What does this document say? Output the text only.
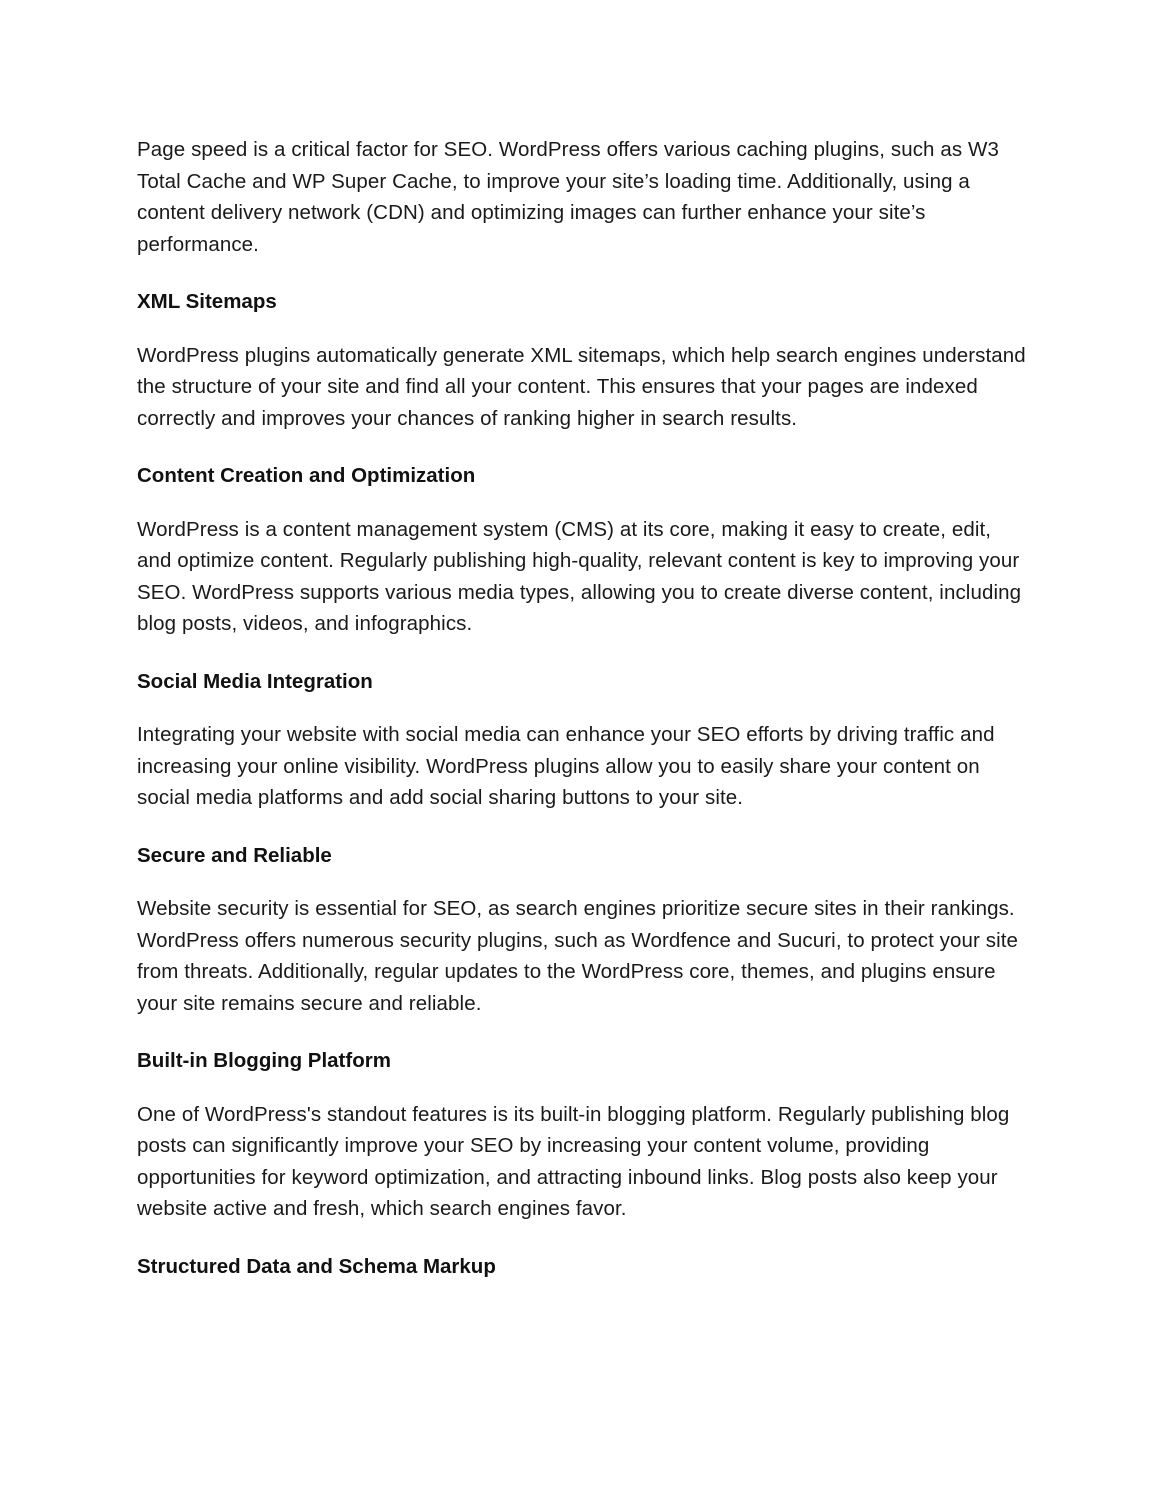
Page speed is a critical factor for SEO. WordPress offers various caching plugins, such as W3 Total Cache and WP Super Cache, to improve your site’s loading time. Additionally, using a content delivery network (CDN) and optimizing images can further enhance your site’s performance.

XML Sitemaps

WordPress plugins automatically generate XML sitemaps, which help search engines understand the structure of your site and find all your content. This ensures that your pages are indexed correctly and improves your chances of ranking higher in search results.

Content Creation and Optimization

WordPress is a content management system (CMS) at its core, making it easy to create, edit, and optimize content. Regularly publishing high-quality, relevant content is key to improving your SEO. WordPress supports various media types, allowing you to create diverse content, including blog posts, videos, and infographics.

Social Media Integration

Integrating your website with social media can enhance your SEO efforts by driving traffic and increasing your online visibility. WordPress plugins allow you to easily share your content on social media platforms and add social sharing buttons to your site.

Secure and Reliable

Website security is essential for SEO, as search engines prioritize secure sites in their rankings. WordPress offers numerous security plugins, such as Wordfence and Sucuri, to protect your site from threats. Additionally, regular updates to the WordPress core, themes, and plugins ensure your site remains secure and reliable.

Built-in Blogging Platform

One of WordPress's standout features is its built-in blogging platform. Regularly publishing blog posts can significantly improve your SEO by increasing your content volume, providing opportunities for keyword optimization, and attracting inbound links. Blog posts also keep your website active and fresh, which search engines favor.

Structured Data and Schema Markup
